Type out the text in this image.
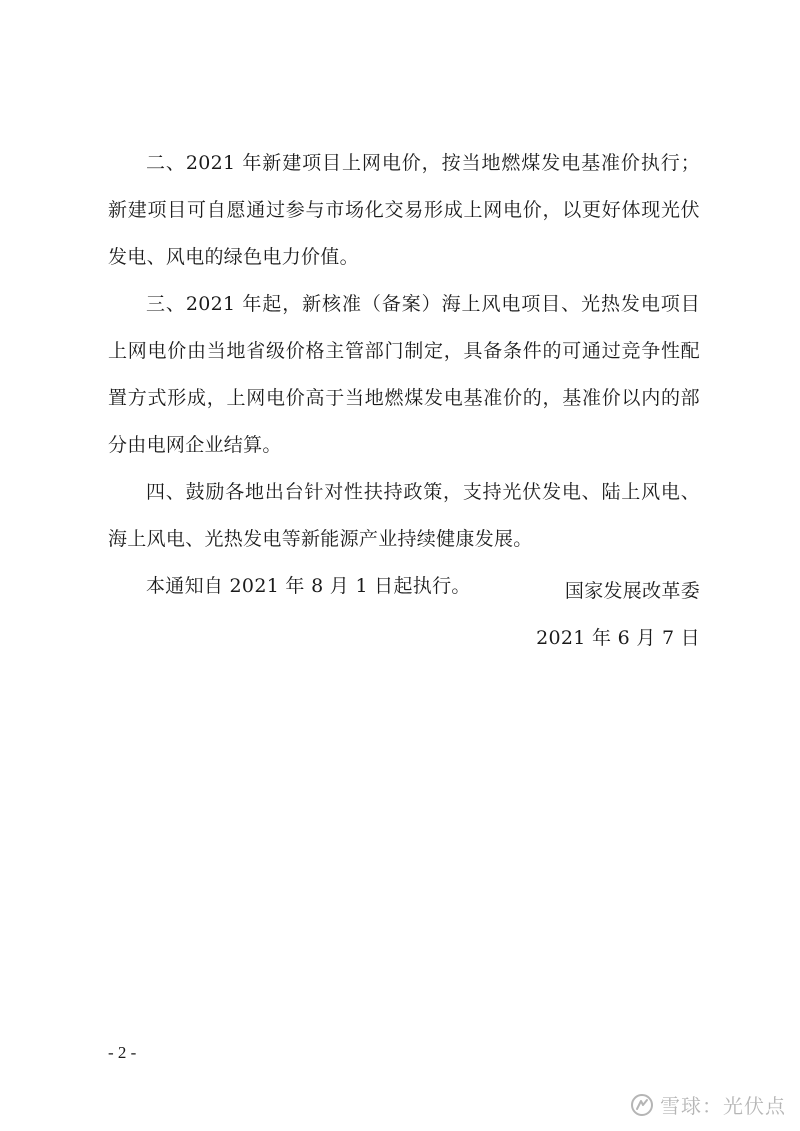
二、2021 年新建项目上网电价，按当地燃煤发电基准价执行；新建项目可自愿通过参与市场化交易形成上网电价，以更好体现光伏发电、风电的绿色电力价值。

三、2021 年起，新核准（备案）海上风电项目、光热发电项目上网电价由当地省级价格主管部门制定，具备条件的可通过竞争性配置方式形成，上网电价高于当地燃煤发电基准价的，基准价以内的部分由电网企业结算。

四、鼓励各地出台针对性扶持政策，支持光伏发电、陆上风电、海上风电、光热发电等新能源产业持续健康发展。

本通知自 2021 年 8 月 1 日起执行。	国家发展改革委
2021 年 6 月 7 日
- 2 -
雪球：光伏点
